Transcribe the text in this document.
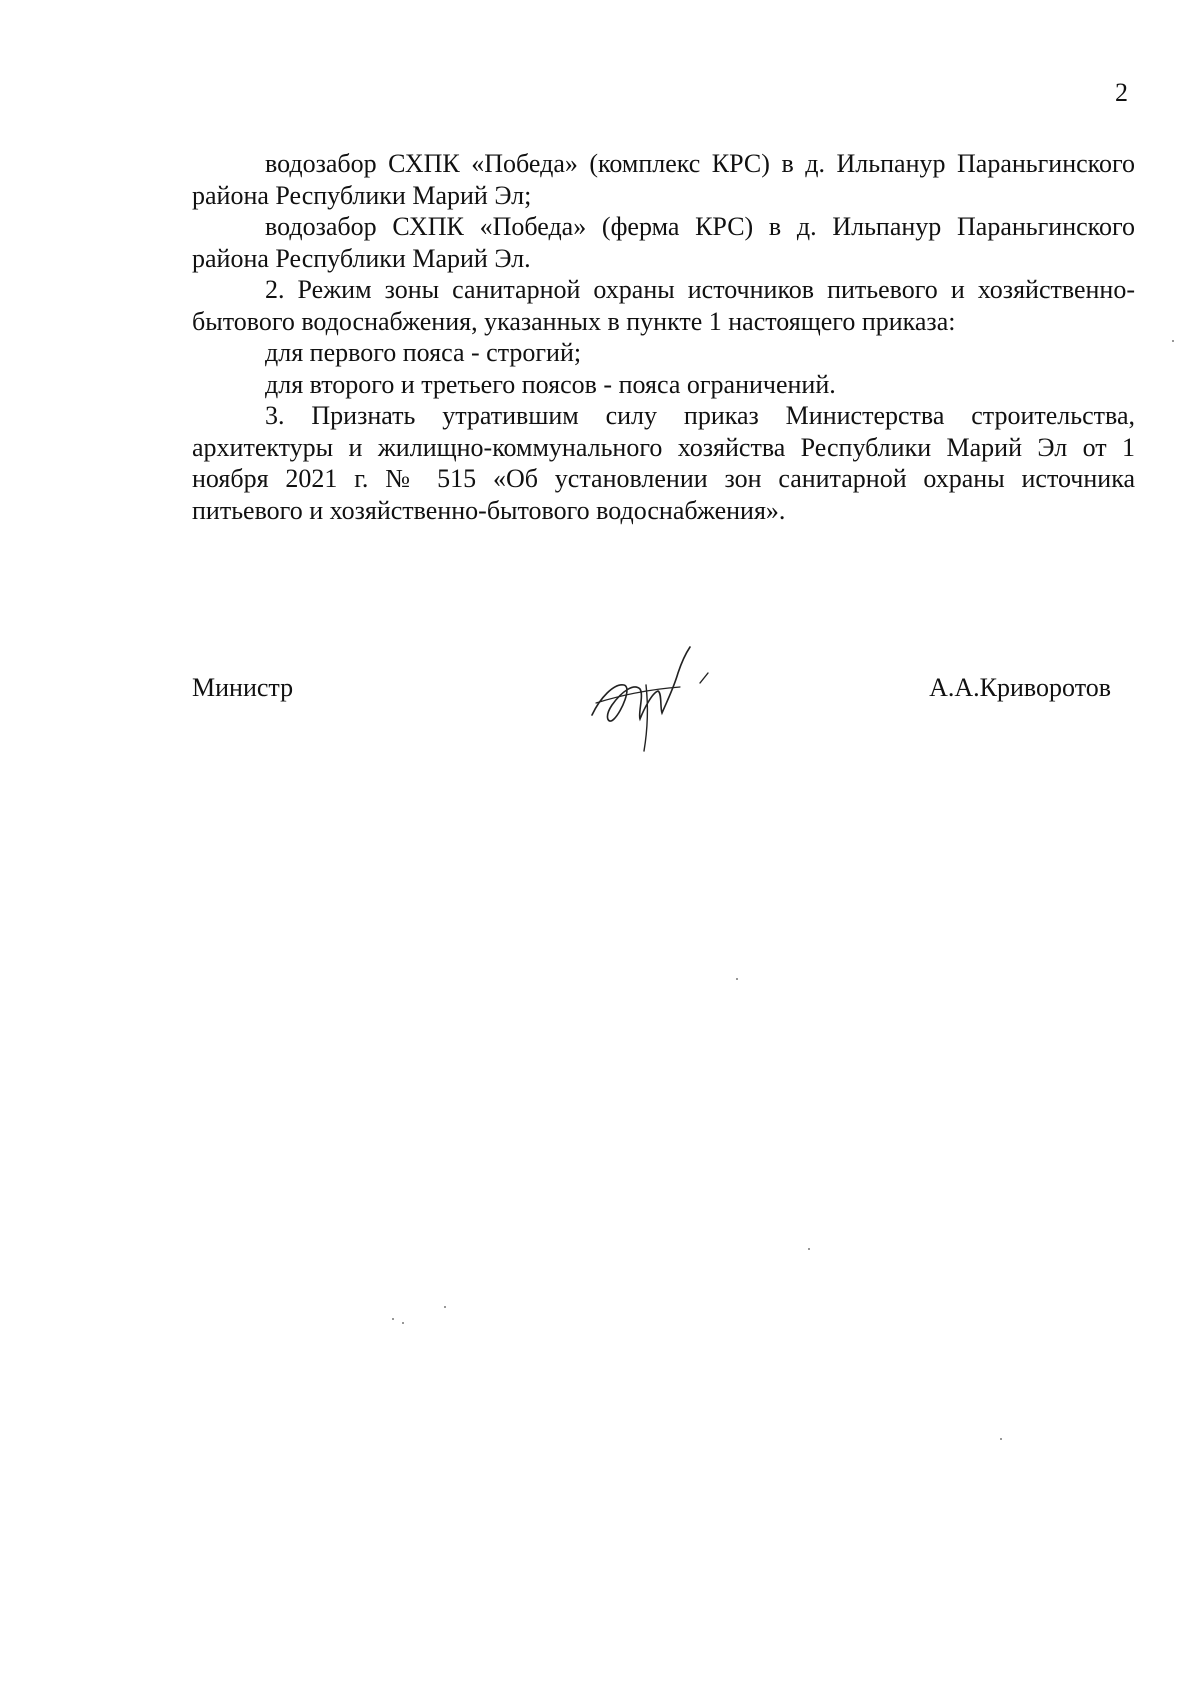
2

водозабор СХПК «Победа» (комплекс КРС) в д. Ильпанур Параньгинского района Республики Марий Эл;

водозабор СХПК «Победа» (ферма КРС) в д. Ильпанур Параньгинского района Республики Марий Эл.

2. Режим зоны санитарной охраны источников питьевого и хозяйственно-бытового водоснабжения, указанных в пункте 1 настоящего приказа:

для первого пояса - строгий;

для второго и третьего поясов - пояса ограничений.

3. Признать утратившим силу приказ Министерства строительства, архитектуры и жилищно-коммунального хозяйства Республики Марий Эл от 1 ноября 2021 г. № 515 «Об установлении зон санитарной охраны источника питьевого и хозяйственно-бытового водоснабжения».

Министр	А.А.Криворотов
